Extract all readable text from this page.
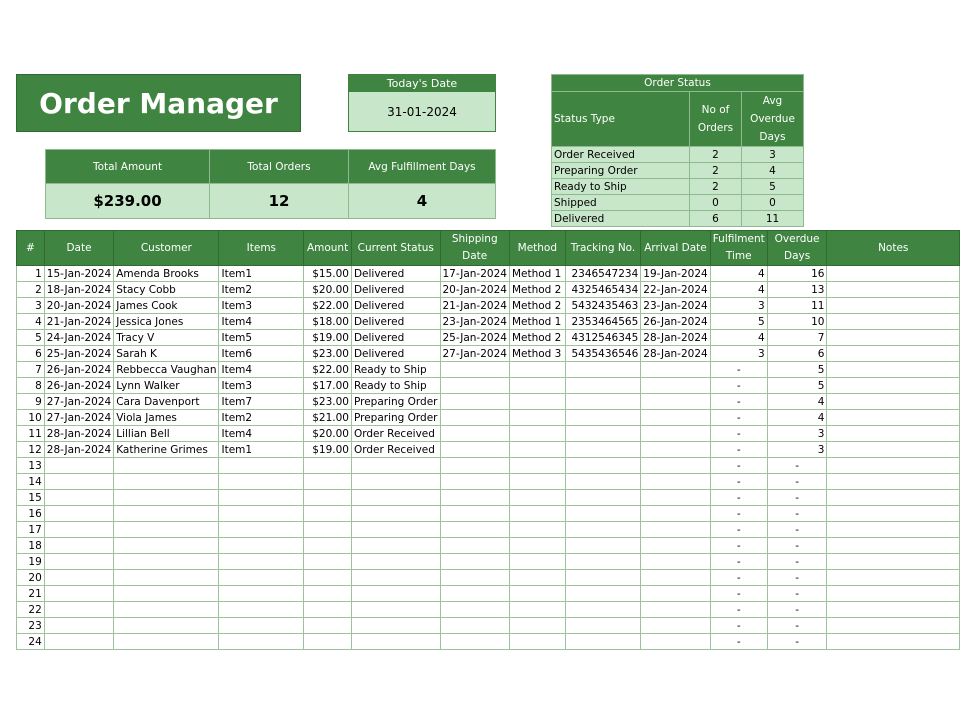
Order Manager
Today's Date
31-01-2024
Total Amount	Total Orders	Avg Fulfillment Days
$239.00	12	4
Order Status		
Status Type	No of Orders	Avg Overdue Days
Order Received	2	3
Preparing Order	2	4
Ready to Ship	2	5
Shipped	0	0
Delivered	6	11
#	Date	Customer	Items	Amount	Current Status	Shipping Date	Method	Tracking No.	Arrival Date	Fulfilment Time	Overdue Days	Notes
1	15-Jan-2024	Amenda Brooks	Item1	$15.00	Delivered	17-Jan-2024	Method 1	2346547234	19-Jan-2024	4	16	
2	18-Jan-2024	Stacy Cobb	Item2	$20.00	Delivered	20-Jan-2024	Method 2	4325465434	22-Jan-2024	4	13	
3	20-Jan-2024	James Cook	Item3	$22.00	Delivered	21-Jan-2024	Method 2	5432435463	23-Jan-2024	3	11	
4	21-Jan-2024	Jessica Jones	Item4	$18.00	Delivered	23-Jan-2024	Method 1	2353464565	26-Jan-2024	5	10	
5	24-Jan-2024	Tracy V	Item5	$19.00	Delivered	25-Jan-2024	Method 2	4312546345	28-Jan-2024	4	7	
6	25-Jan-2024	Sarah K	Item6	$23.00	Delivered	27-Jan-2024	Method 3	5435436546	28-Jan-2024	3	6	
7	26-Jan-2024	Rebbecca Vaughan	Item4	$22.00	Ready to Ship					-	5	
8	26-Jan-2024	Lynn Walker	Item3	$17.00	Ready to Ship					-	5	
9	27-Jan-2024	Cara Davenport	Item7	$23.00	Preparing Order					-	4	
10	27-Jan-2024	Viola James	Item2	$21.00	Preparing Order					-	4	
11	28-Jan-2024	Lillian Bell	Item4	$20.00	Order Received					-	3	
12	28-Jan-2024	Katherine Grimes	Item1	$19.00	Order Received					-	3	
13										-	-	
14										-	-	
15										-	-	
16										-	-	
17										-	-	
18										-	-	
19										-	-	
20										-	-	
21										-	-	
22										-	-	
23										-	-	
24										-	-	
